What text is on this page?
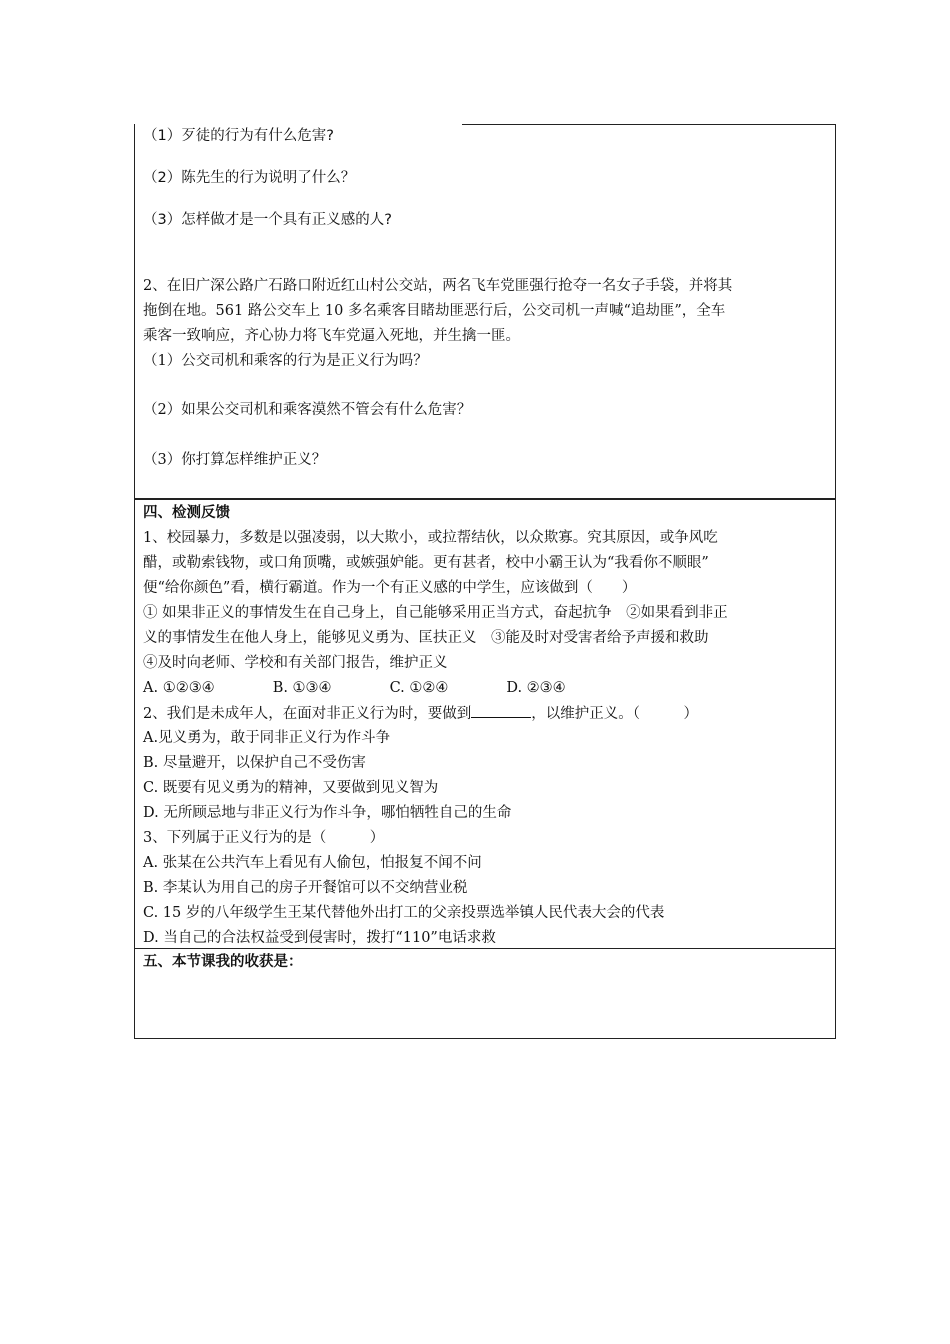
（1）歹徒的行为有什么危害?
（2）陈先生的行为说明了什么？
（3）怎样做才是一个具有正义感的人?
2、在旧广深公路广石路口附近红山村公交站，两名飞车党匪强行抢夺一名女子手袋，并将其
拖倒在地。561 路公交车上 10 多名乘客目睹劫匪恶行后，公交司机一声喊“追劫匪”，全车
乘客一致响应，齐心协力将飞车党逼入死地，并生擒一匪。
（1）公交司机和乘客的行为是正义行为吗？
（2）如果公交司机和乘客漠然不管会有什么危害？
（3）你打算怎样维护正义？
四、检测反馈
1、校园暴力，多数是以强凌弱，以大欺小，或拉帮结伙，以众欺寡。究其原因，或争风吃
醋，或勒索钱物，或口角顶嘴，或嫉强妒能。更有甚者，校中小霸王认为“我看你不顺眼”
便“给你颜色”看，横行霸道。作为一个有正义感的中学生，应该做到（　　）
① 如果非正义的事情发生在自己身上，自己能够采用正当方式，奋起抗争　②如果看到非正
义的事情发生在他人身上，能够见义勇为、匡扶正义　③能及时对受害者给予声援和救助
④及时向老师、学校和有关部门报告，维护正义
A. ①②③④	B. ①③④	C. ①②④	D. ②③④
2、我们是未成年人，在面对非正义行为时，要做到	，以维护正义。（　　　）
A.见义勇为，敢于同非正义行为作斗争
B. 尽量避开，以保护自己不受伤害
C. 既要有见义勇为的精神，又要做到见义智为
D. 无所顾忌地与非正义行为作斗争，哪怕牺牲自己的生命
3、下列属于正义行为的是（　　　）
A. 张某在公共汽车上看见有人偷包，怕报复不闻不问
B. 李某认为用自己的房子开餐馆可以不交纳营业税
C. 15 岁的八年级学生王某代替他外出打工的父亲投票选举镇人民代表大会的代表
D. 当自己的合法权益受到侵害时，拨打“110”电话求救
五、本节课我的收获是：
